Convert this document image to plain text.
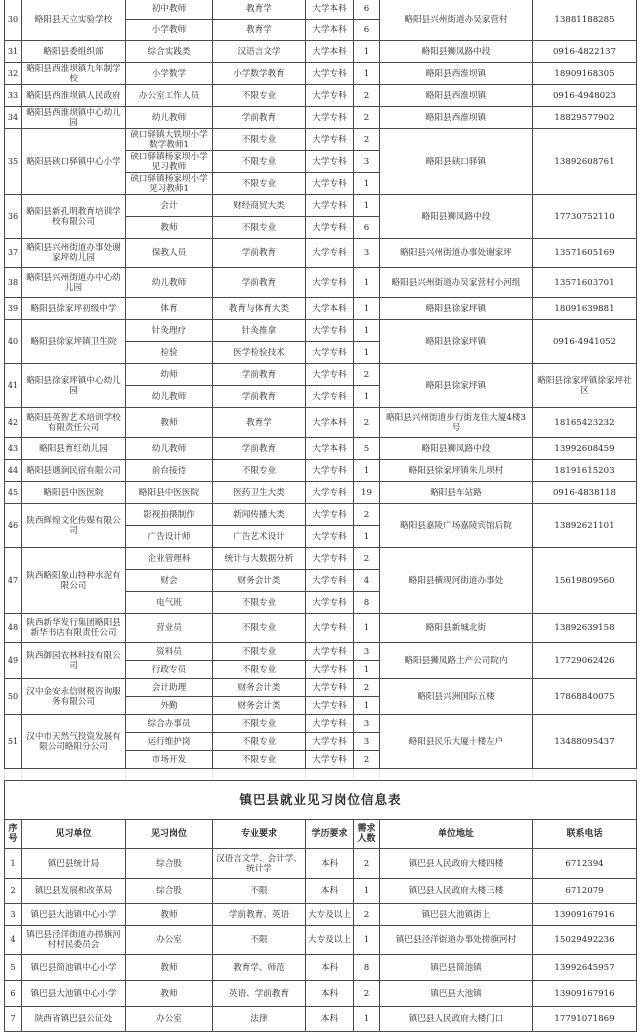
30	略阳县天立实验学校	初中教师	教育学	大学本科	6	略阳县兴州街道办吴家营村	13881188285
		小学教师	教育学	大学本科	6		
31	略阳县委组织部	综合实践类	汉语言文学	大学本科	1	略阳县狮凤路中段	0916-4822137
32	略阳县西淮坝镇九年制学校	小学数学	小学数学教育	大学专科	1	略阳县西淮坝镇	18909168305
33	略阳县西淮坝镇人民政府	办公室工作人员	不限专业	大学专科	2	略阳县西淮坝镇	0916-4948023
34	略阳县西淮坝镇中心幼儿园	幼儿教师	学前教育	大学专科	2	略阳县西淮坝镇	18829577902
35	略阳县硖口驿镇中心小学	硖口驿镇大铁坝小学数学教师1	不限专业	大学专科	2	略阳县硖口驿镇	13892608761
		硖口驿镇杨家坝小学见习教师	不限专业	大学专科	3		
		硖口驿镇杨家坝小学见习教师1	不限专业	大学专科	1		
36	略阳县新孔明教育培训学校有限公司	会计	财经商贸大类	大学专科	1	略阳县狮凤路中段	17730752110
		教师	不限专业	大学专科	6		
37	略阳县兴州街道办事处谢家坪幼儿园	保教人员	学前教育	大学专科	3	略阳县兴州街道办事处谢家坪	13571605169
38	略阳县兴州街道办中心幼儿园	幼儿教师	学前教育	大学专科	1	略阳县兴州街道办吴家营村小河组	13571603701
39	略阳县徐家坪初级中学	体育	教育与体育大类	大学本科	1	略阳县徐家坪镇	18091639881
40	略阳县徐家坪镇卫生院	针灸理疗	针灸推拿	大学专科	1	略阳县徐家坪镇	0916-4941052
		检验	医学检验技术	大学专科	1		
41	略阳县徐家坪镇中心幼儿园	幼师	学前教育	大学专科	2	略阳县徐家坪镇	略阳县徐家坪镇徐家坪社区
		幼儿教师	学前教育	大学专科	1		
42	略阳县英智艺术培训学校有限责任公司	教师	教育学	大学本科	2	略阳县兴州街道步行街龙佳大厦4楼3号	18165423232
43	略阳县育红幼儿园	幼儿教师	学前教育	大学本科	5	略阳县狮凤路中段	13992608459
44	略阳县遇涧民宿有限公司	前台接待	不限专业	大学专科	1	略阳县徐家坪镇朱儿坝村	18191615203
45	略阳县中医医院	略阳县中医医院	医药卫生大类	大学专科	19	略阳县车站路	0916-4838118
46	陕西辉煌文化传媒有限公司	影视拍摄制作	新闻传播大类	大学专科	2	略阳县嘉陵广场嘉陵宾馆后院	13892621101
		广告设计师	广告艺术设计	大学专科	1		
47	陕西略阳象山特种水泥有限公司	企业管理科	统计与大数据分析	大学专科	2	略阳县横现河街道办事处	15619809560
		财会	财务会计类	大学专科	4		
		电气班	不限专业	大学专科	8		
48	陕西新华发行集团略阳县新华书店有限责任公司	营业员	不限专业	大学专科	1	略阳县新城北街	13892639158
49	陕西御园农林科技有限公司	资料员	不限专业	大学专科	3	略阳县狮凤路土产公司院内	17729062426
		行政专员	不限专业	大学专科	1		
50	汉中金安永信财税咨询服务有限公司	会计助理	财务会计类	大学专科	2	略阳县兴洲国际五楼	17868840075
		外勤	财务会计类	大学专科	1		
51	汉中市天然气投资发展有限公司略阳分公司	综合办事员	不限专业	大学专科	3	略阳县民乐大厦十楼左户	13488095437
		运行维护岗	不限专业	大学专科	3		
		市场开发	不限专业	大学专科	2		

镇巴县就业见习岗位信息表							
序号	见习单位	见习岗位	专业要求	学历要求	需求人数	单位地址	联系电话
1	镇巴县统计局	综合股	汉语言文学、会计学、统计学	本科	2	镇巴县人民政府大楼四楼	6712394
2	镇巴县发展和改革局	综合股	不限	本科	1	镇巴县人民政府大楼三楼	6712079
3	镇巴县大池镇中心小学	教师	学前教育、英语	大专及以上	2	镇巴县大池镇街上	13909167916
4	镇巴县泾洋街道办捞旗河村村民委员会	办公室	不限	大专及以上	1	镇巴县泾洋街道办事处捞旗河村	15029492236
5	镇巴县简池镇中心小学	教师	教育学、师范	本科	8	镇巴县简池镇	13992645957
6	镇巴县大池镇中心小学	教师	英语、学前教育	本科	2	镇巴县大池镇	13909167916
7	陕西省镇巴县公证处	办公室	法律	本科	1	镇巴县人民政府大楼门口	17791071869
